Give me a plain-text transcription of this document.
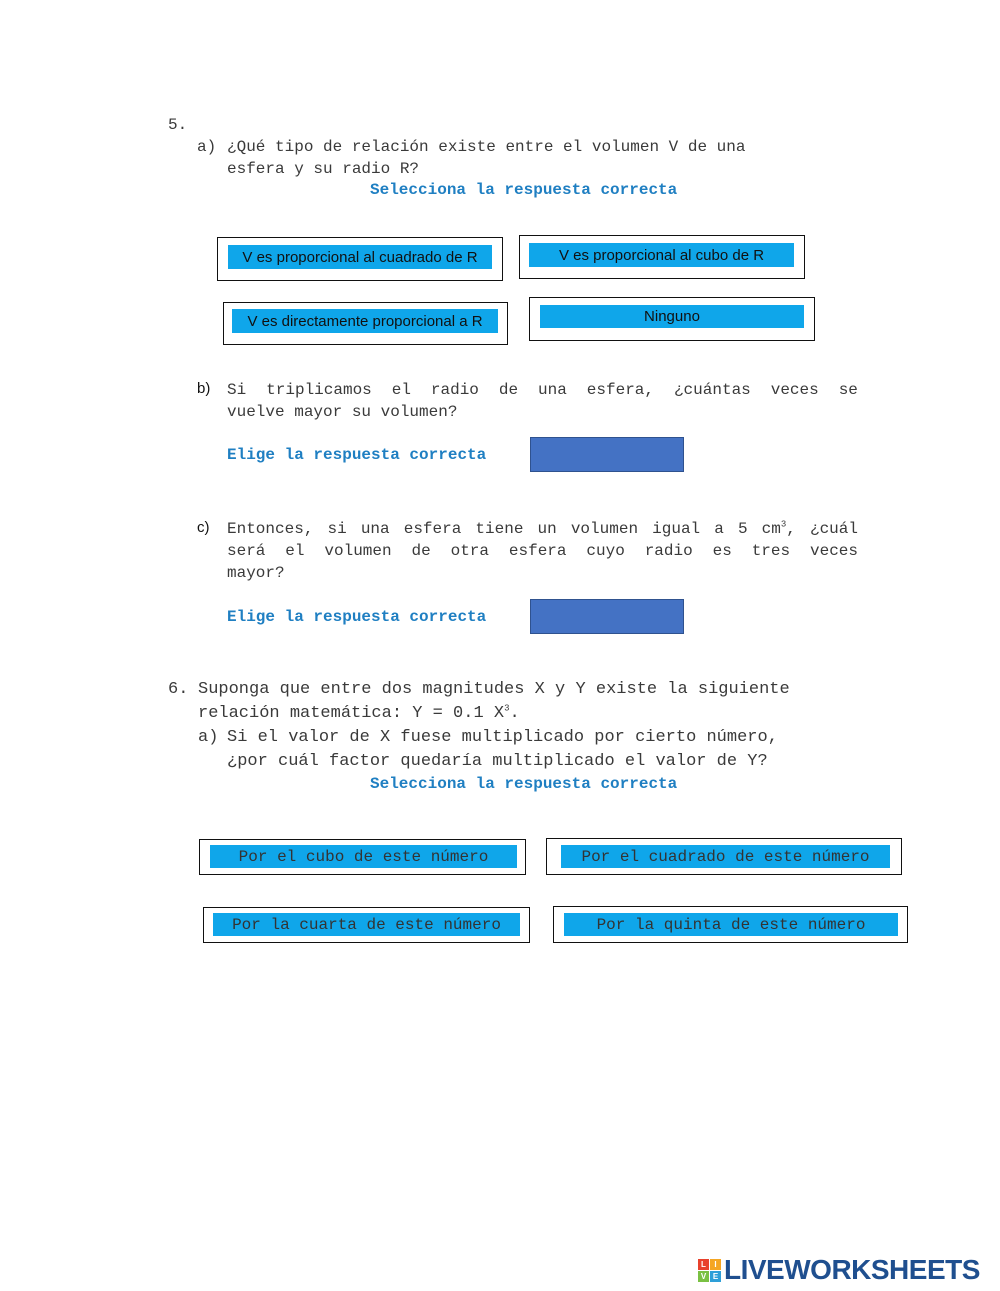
5.
a) ¿Qué tipo de relación existe entre el volumen V de una
esfera y su radio R?
Selecciona la respuesta correcta
V es proporcional al cuadrado de R	V es proporcional al cubo de R
V es directamente proporcional a R	Ninguno
b) Si triplicamos el radio de una esfera, ¿cuántas veces se
vuelve mayor su volumen?
Elige la respuesta correcta
c) Entonces, si una esfera tiene un volumen igual a 5 $cm^3$, ¿cuál
será el volumen de otra esfera cuyo radio es tres veces
mayor?
Elige la respuesta correcta
6. Suponga que entre dos magnitudes X y Y existe la siguiente
relación matemática: Y = 0.1 $X^3$.
a) Si el valor de X fuese multiplicado por cierto número,
¿por cuál factor quedaría multiplicado el valor de Y?
Selecciona la respuesta correcta
Por el cubo de este número	Por el cuadrado de este número
Por la cuarta de este número	Por la quinta de este número
L	I
V E LIVEWORKSHEETS
